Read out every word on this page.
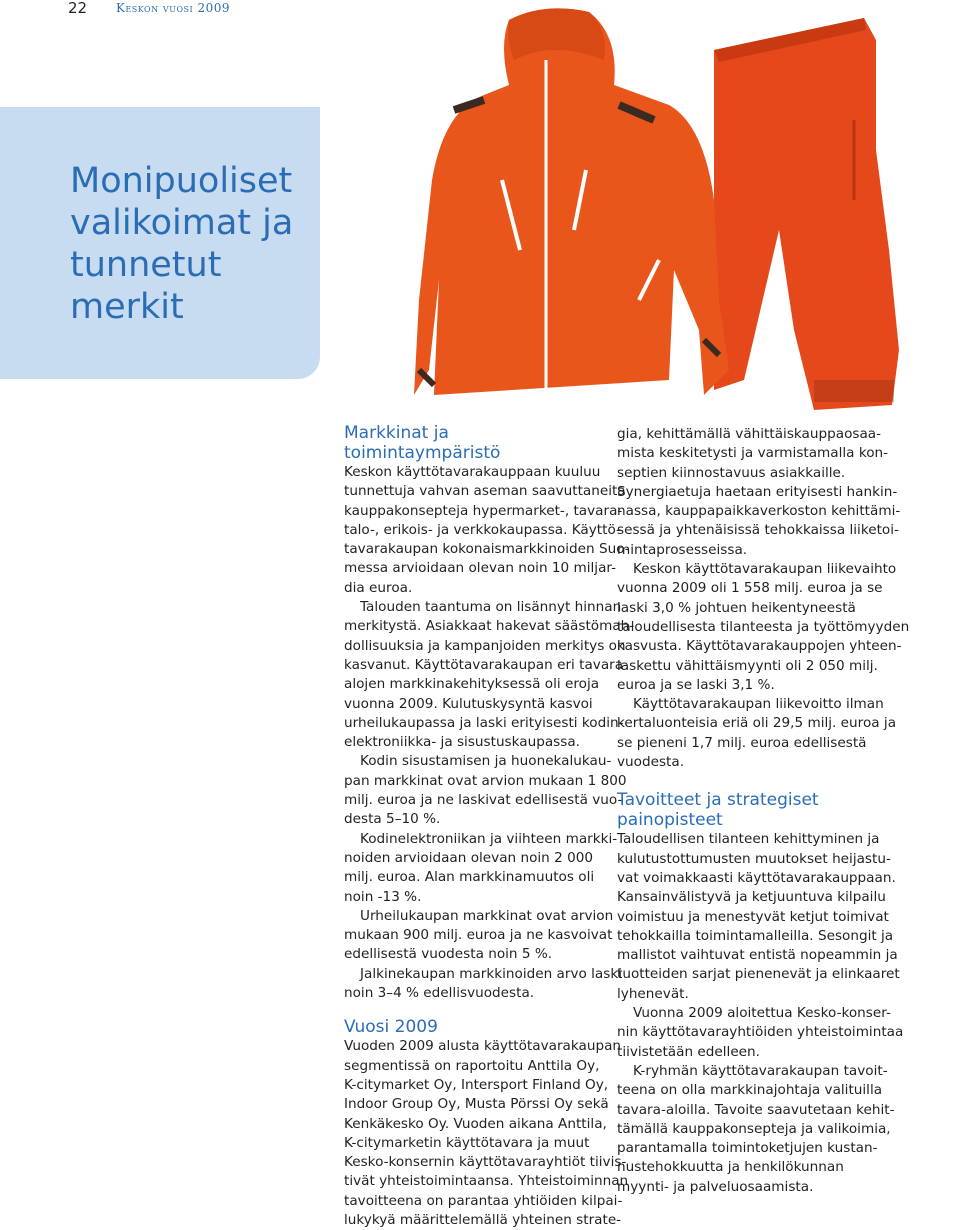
22 Keskon vuosi 2009
Monipuoliset
valikoimat ja
tunnetut
merkit
Markkinat ja toimintaympäristö
Keskon käyttötavarakauppaan kuuluu
tunnettuja vahvan aseman saavuttaneita
kauppakonsepteja hypermarket-, tavara-
talo-, erikois- ja verkkokaupassa. Käyttö-
tavarakaupan kokonaismarkkinoiden Suo-
messa arvioidaan olevan noin 10 miljar-
dia euroa.
Talouden taantuma on lisännyt hinnan
merkitystä. Asiakkaat hakevat säästömah-
dollisuuksia ja kampanjoiden merkitys on
kasvanut. Käyttötavarakaupan eri tavara-
alojen markkinakehityksessä oli eroja
vuonna 2009. Kulutuskysyntä kasvoi
urheilukaupassa ja laski erityisesti kodin-
elektroniikka- ja sisustuskaupassa.
Kodin sisustamisen ja huonekalukau-
pan markkinat ovat arvion mukaan 1 800
milj. euroa ja ne laskivat edellisestä vuo-
desta 5–10 %.
Kodinelektroniikan ja viihteen markki-
noiden arvioidaan olevan noin 2 000
milj. euroa. Alan markkinamuutos oli
noin -13 %.
Urheilukaupan markkinat ovat arvion
mukaan 900 milj. euroa ja ne kasvoivat
edellisestä vuodesta noin 5 %.
Jalkinekaupan markkinoiden arvo laski
noin 3–4 % edellisvuodesta.
Vuosi 2009
Vuoden 2009 alusta käyttötavarakaupan
segmentissä on raportoitu Anttila Oy,
K-citymarket Oy, Intersport Finland Oy,
Indoor Group Oy, Musta Pörssi Oy sekä
Kenkäkesko Oy. Vuoden aikana Anttila,
K-citymarketin käyttötavara ja muut
Kesko-konsernin käyttötavarayhtiöt tiivis-
tivät yhteistoimintaansa. Yhteistoiminnan
tavoitteena on parantaa yhtiöiden kilpai-
lukykyä määrittelemällä yhteinen strate-
gia, kehittämällä vähittäiskauppaosaa-
mista keskitetysti ja varmistamalla kon-
septien kiinnostavuus asiakkaille.
Synergiaetuja haetaan erityisesti hankin-
nassa, kauppapaikkaverkoston kehittämi-
sessä ja yhtenäisissä tehokkaissa liiketoi-
mintaprosesseissa.
Keskon käyttötavarakaupan liikevaihto
vuonna 2009 oli 1 558 milj. euroa ja se
laski 3,0 % johtuen heikentyneestä
taloudellisesta tilanteesta ja työttömyyden
kasvusta. Käyttötavarakauppojen yhteen-
laskettu vähittäismyynti oli 2 050 milj.
euroa ja se laski 3,1 %.
Käyttötavarakaupan liikevoitto ilman
kertaluonteisia eriä oli 29,5 milj. euroa ja
se pieneni 1,7 milj. euroa edellisestä
vuodesta.
Tavoitteet ja strategiset
painopisteet
Taloudellisen tilanteen kehittyminen ja
kulutustottumusten muutokset heijastu-
vat voimakkaasti käyttötavarakauppaan.
Kansainvälistyvä ja ketjuuntuva kilpailu
voimistuu ja menestyvät ketjut toimivat
tehokkailla toimintamalleilla. Sesongit ja
mallistot vaihtuvat entistä nopeammin ja
tuotteiden sarjat pienenevät ja elinkaaret
lyhenevät.
Vuonna 2009 aloitettua Kesko-konser-
nin käyttötavarayhtiöiden yhteistoimintaa
tiivistetään edelleen.
K-ryhmän käyttötavarakaupan tavoit-
teena on olla markkinajohtaja valituilla
tavara-aloilla. Tavoite saavutetaan kehit-
tämällä kauppakonsepteja ja valikoimia,
parantamalla toimintoketjujen kustan-
nustehokkuutta ja henkilökunnan
myynti- ja palveluosaamista.
